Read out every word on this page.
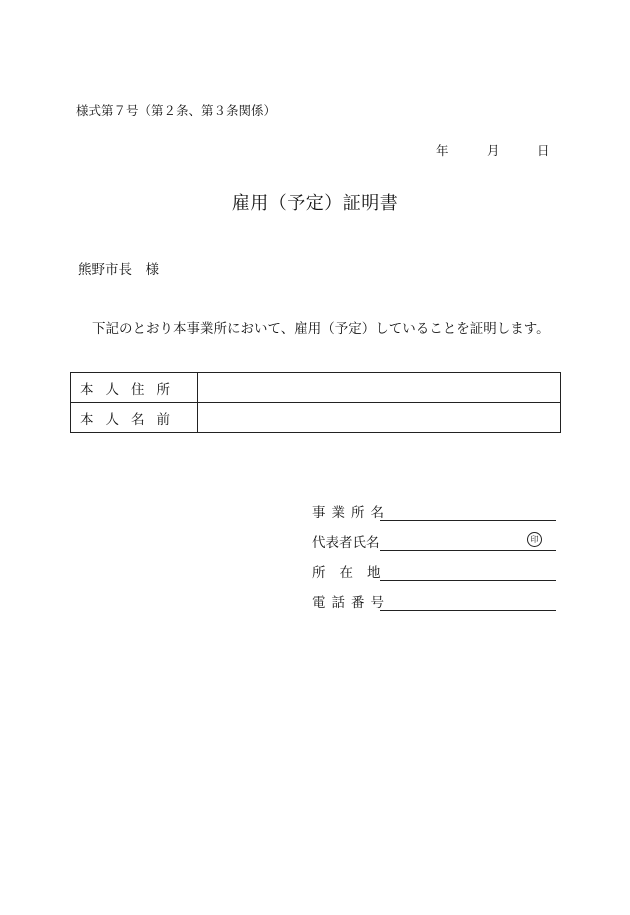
様式第７号（第２条、第３条関係）
年	月	日
雇用（予定）証明書
熊野市長　様
下記のとおり本事業所において、雇用（予定）していることを証明します。
本人住所	
本人名前	
事業所名
代表者氏名	印
所在地
電話番号
